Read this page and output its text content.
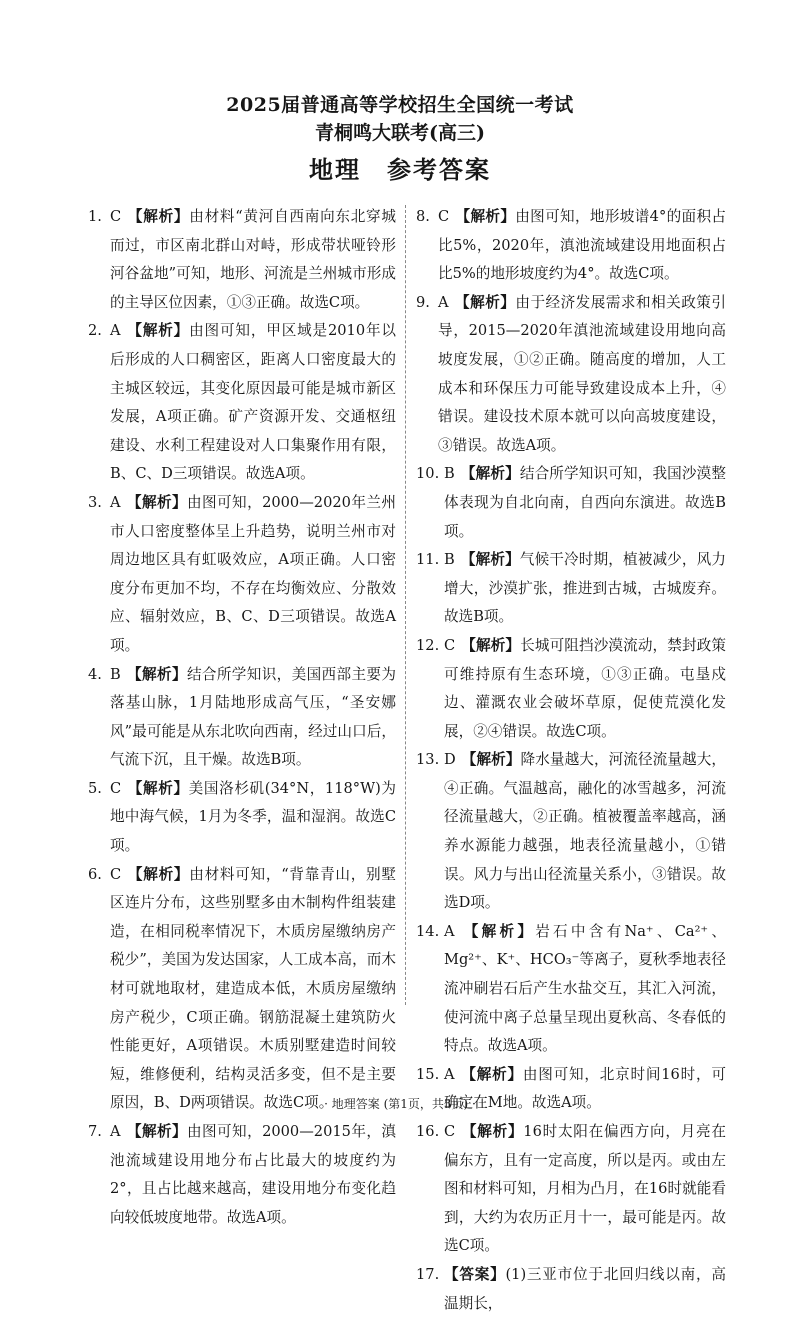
2025届普通高等学校招生全国统一考试
青桐鸣大联考(高三)
地理 参考答案
1. C 【解析】由材料“黄河自西南向东北穿城而过，市区南北群山对峙，形成带状哑铃形河谷盆地”可知，地形、河流是兰州城市形成的主导区位因素，①③正确。故选C项。
2. A 【解析】由图可知，甲区域是2010年以后形成的人口稠密区，距离人口密度最大的主城区较远，其变化原因最可能是城市新区发展，A项正确。矿产资源开发、交通枢纽建设、水利工程建设对人口集聚作用有限，B、C、D三项错误。故选A项。
3. A 【解析】由图可知，2000—2020年兰州市人口密度整体呈上升趋势，说明兰州市对周边地区具有虹吸效应，A项正确。人口密度分布更加不均，不存在均衡效应、分散效应、辐射效应，B、C、D三项错误。故选A项。
4. B 【解析】结合所学知识，美国西部主要为落基山脉，1月陆地形成高气压，“圣安娜风”最可能是从东北吹向西南，经过山口后，气流下沉，且干燥。故选B项。
5. C 【解析】美国洛杉矶(34°N，118°W)为地中海气候，1月为冬季，温和湿润。故选C项。
6. C 【解析】由材料可知，“背靠青山，别墅区连片分布，这些别墅多由木制构件组装建造，在相同税率情况下，木质房屋缴纳房产税少”，美国为发达国家，人工成本高，而木材可就地取材，建造成本低，木质房屋缴纳房产税少，C项正确。钢筋混凝土建筑防火性能更好，A项错误。木质别墅建造时间较短，维修便利，结构灵活多变，但不是主要原因，B、D两项错误。故选C项。
7. A 【解析】由图可知，2000—2015年，滇池流域建设用地分布占比最大的坡度约为2°，且占比越来越高，建设用地分布变化趋向较低坡度地带。故选A项。
8. C 【解析】由图可知，地形坡谱4°的面积占比5%，2020年，滇池流域建设用地面积占比5%的地形坡度约为4°。故选C项。
9. A 【解析】由于经济发展需求和相关政策引导，2015—2020年滇池流域建设用地向高坡度发展，①②正确。随高度的增加，人工成本和环保压力可能导致建设成本上升，④错误。建设技术原本就可以向高坡度建设，③错误。故选A项。
10. B 【解析】结合所学知识可知，我国沙漠整体表现为自北向南，自西向东演进。故选B项。
11. B 【解析】气候干冷时期，植被减少，风力增大，沙漠扩张，推进到古城，古城废弃。故选B项。
12. C 【解析】长城可阻挡沙漠流动，禁封政策可维持原有生态环境，①③正确。屯垦戍边、灌溉农业会破坏草原，促使荒漠化发展，②④错误。故选C项。
13. D 【解析】降水量越大，河流径流量越大，④正确。气温越高，融化的冰雪越多，河流径流量越大，②正确。植被覆盖率越高，涵养水源能力越强，地表径流量越小，①错误。风力与出山径流量关系小，③错误。故选D项。
14. A 【解析】岩石中含有Na⁺、Ca²⁺、Mg²⁺、K⁺、HCO₃⁻等离子，夏秋季地表径流冲刷岩石后产生水盐交互，其汇入河流，使河流中离子总量呈现出夏秋高、冬春低的特点。故选A项。
15. A 【解析】由图可知，北京时间16时，可确定在M地。故选A项。
16. C 【解析】16时太阳在偏西方向，月亮在偏东方，且有一定高度，所以是丙。或由左图和材料可知，月相为凸月，在16时就能看到，大约为农历正月十一，最可能是丙。故选C项。
17. 【答案】(1)三亚市位于北回归线以南，高温期长，
· 地理答案 (第1页，共3页) ·
